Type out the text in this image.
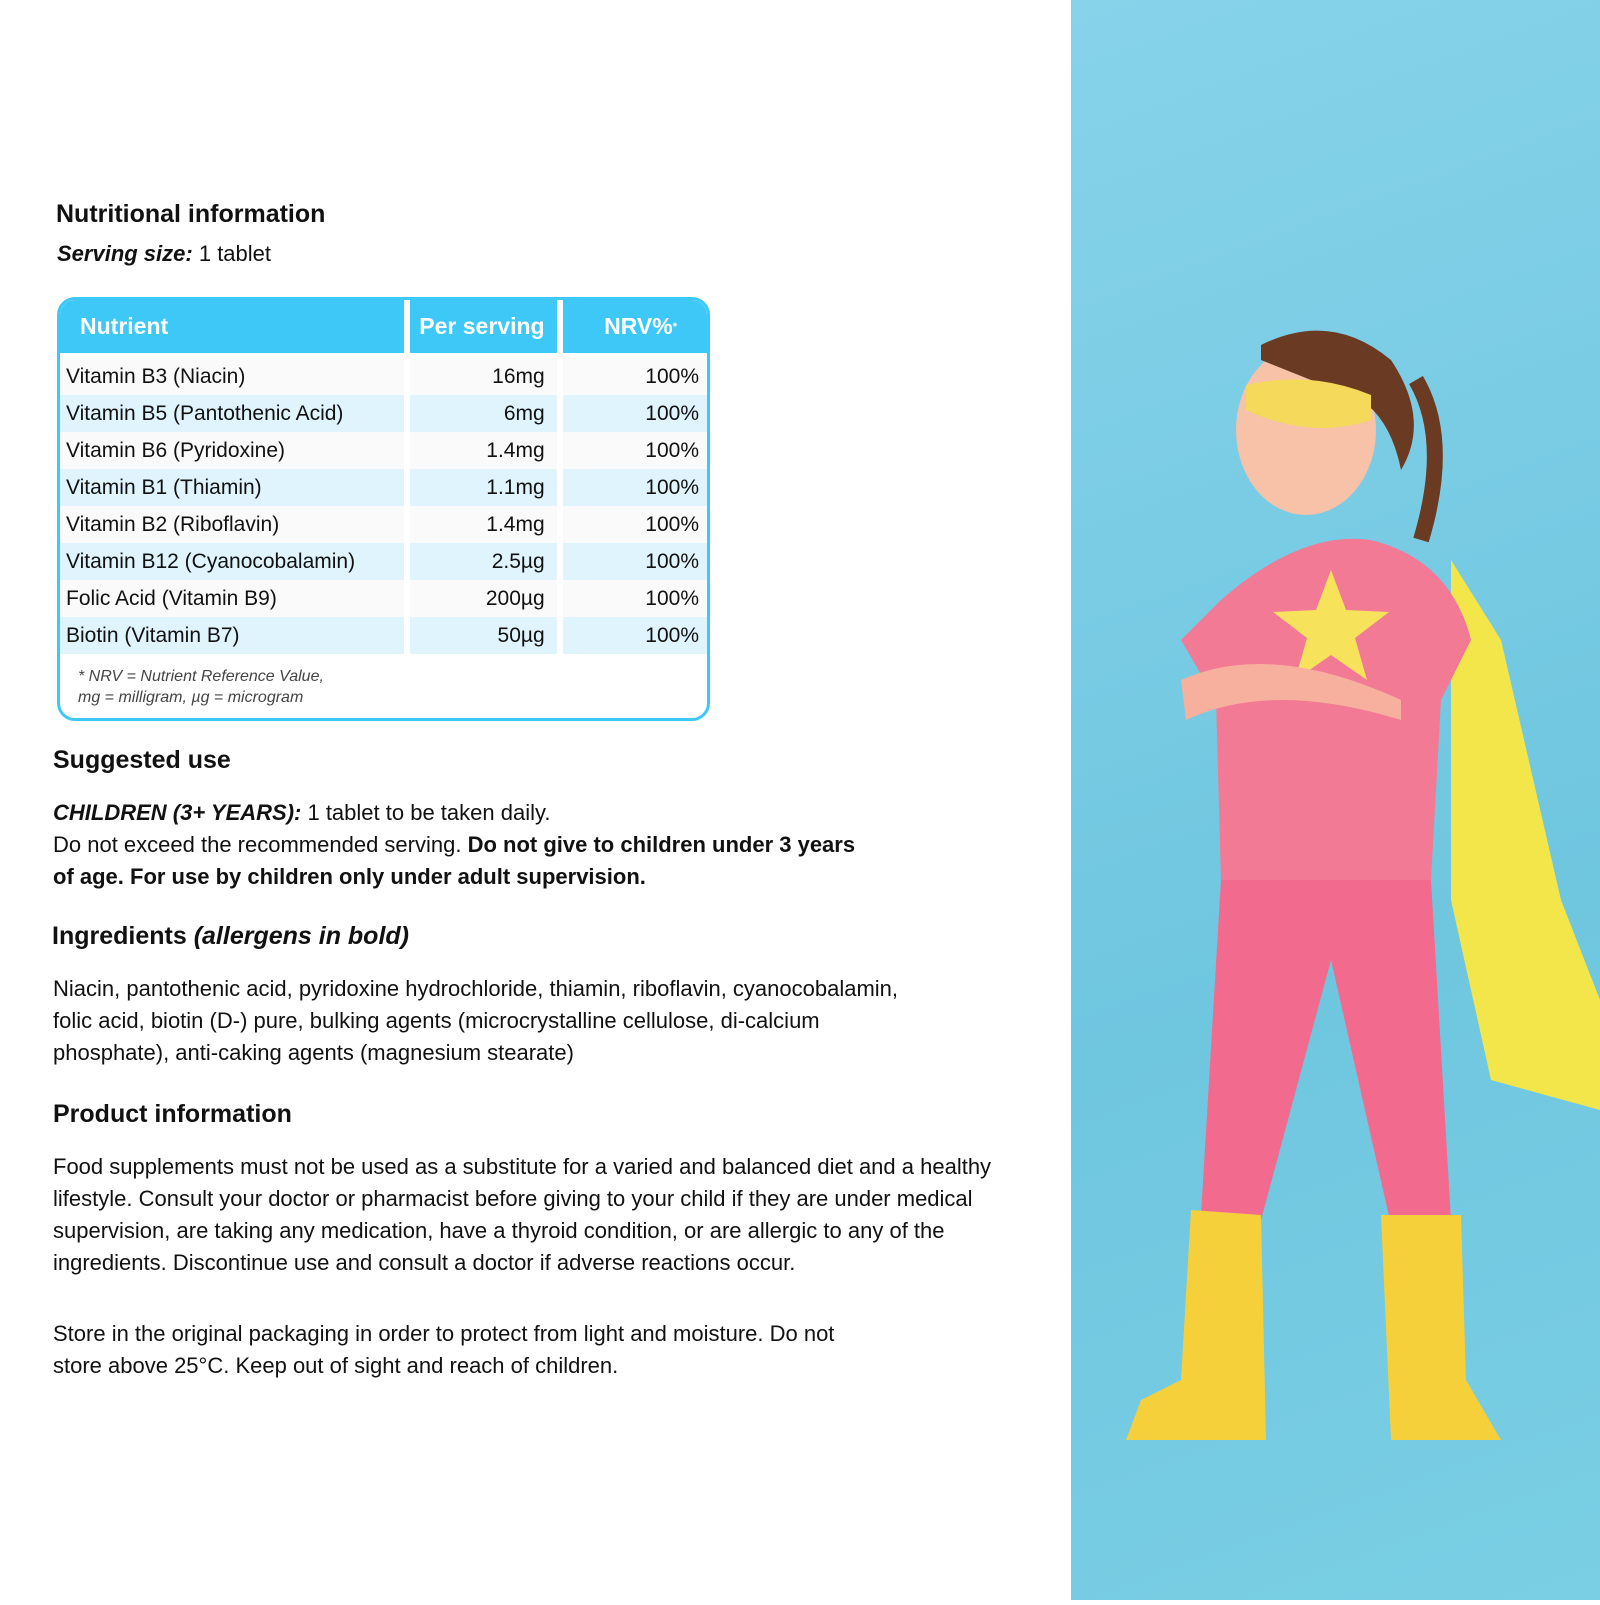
Nutritional information
Serving size: 1 tablet
Nutrient	Per serving	NRV% *
Vitamin B3 (Niacin)	16mg	100%
Vitamin B5 (Pantothenic Acid)	6mg	100%
Vitamin B6 (Pyridoxine)	1.4mg	100%
Vitamin B1 (Thiamin)	1.1mg	100%
Vitamin B2 (Riboflavin)	1.4mg	100%
Vitamin B12 (Cyanocobalamin)	2.5µg	100%
Folic Acid (Vitamin B9)	200µg	100%
Biotin (Vitamin B7)	50µg	100%
* NRV = Nutrient Reference Value,
mg = milligram, µg = microgram
Suggested use
CHILDREN (3+ YEARS): 1 tablet to be taken daily.
Do not exceed the recommended serving. Do not give to children under 3 years of age. For use by children only under adult supervision.
Ingredients (allergens in bold)
Niacin, pantothenic acid, pyridoxine hydrochloride, thiamin, riboflavin, cyanocobalamin, folic acid, biotin (D-) pure, bulking agents (microcrystalline cellulose, di-calcium phosphate), anti-caking agents (magnesium stearate)
Product information
Food supplements must not be used as a substitute for a varied and balanced diet and a healthy lifestyle. Consult your doctor or pharmacist before giving to your child if they are under medical supervision, are taking any medication, have a thyroid condition, or are allergic to any of the ingredients. Discontinue use and consult a doctor if adverse reactions occur.
Store in the original packaging in order to protect from light and moisture. Do not store above 25°C. Keep out of sight and reach of children.
